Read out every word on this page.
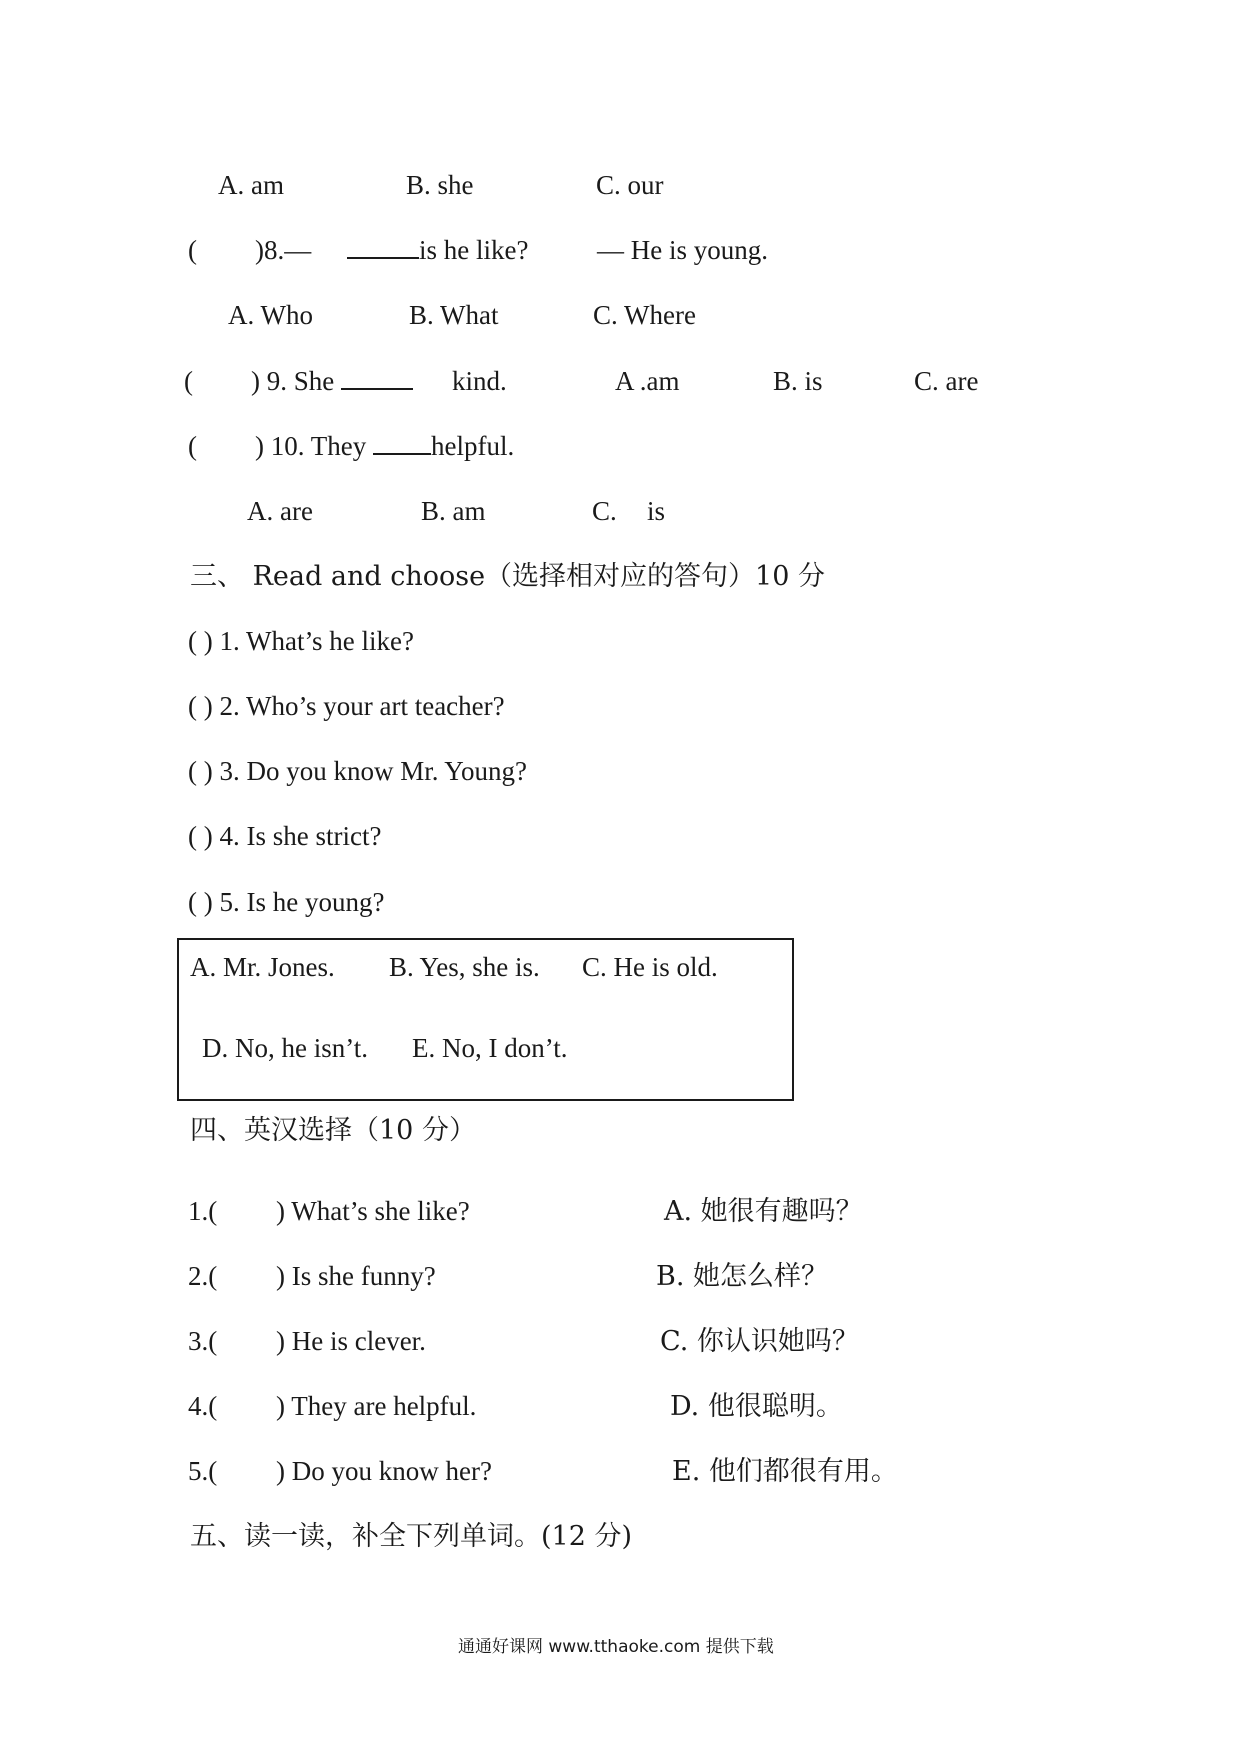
A. am	B. she	C. our
( )8.—	is he like?	— He is young.
A. Who	B. What	C. Where
( ) 9. She	kind.	A .am	B. is	C. are
( ) 10. They helpful.
A. are	B. am	C. is
三、 Read and choose（选择相对应的答句）10 分
( ) 1. What’s he like?
( ) 2. Who’s your art teacher?
( ) 3. Do you know Mr. Young?
( ) 4. Is she strict?
( ) 5. Is he young?
A. Mr. Jones. B. Yes, she is. C. He is old.
D. No, he isn’t. E. No, I don’t.
四、英汉选择（10 分）
1.( ) What’s she like?	A. 她很有趣吗？
2.( ) Is she funny?	B. 她怎么样？
3.( ) He is clever.	C. 你认识她吗？
4.( ) They are helpful.	D. 他很聪明。
5.( ) Do you know her?	E. 他们都很有用。
五、读一读，补全下列单词。(12 分)
通通好课网 www.tthaoke.com 提供下载
